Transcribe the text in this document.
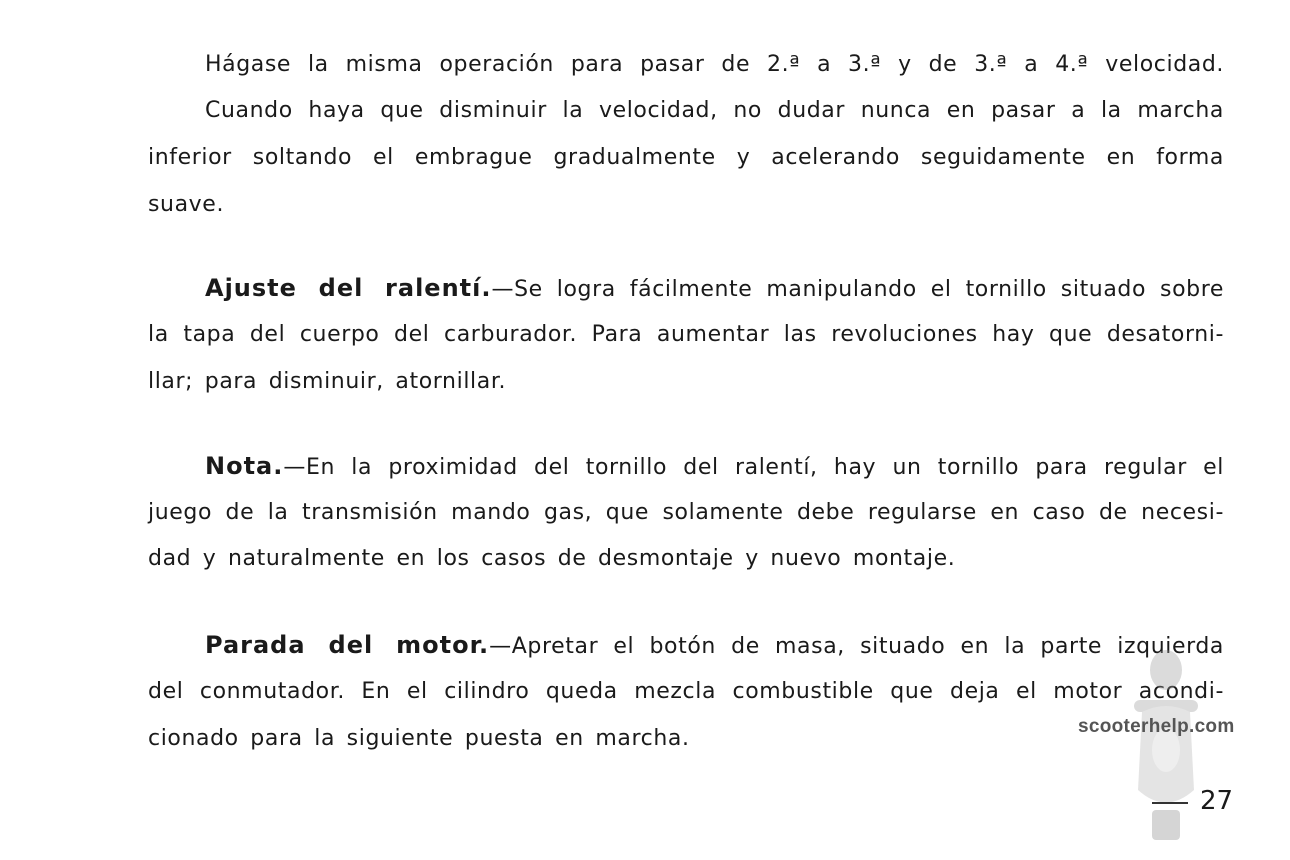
Hágase la misma operación para pasar de 2.ª a 3.ª y de 3.ª a 4.ª velocidad.
Cuando haya que disminuir la velocidad, no dudar nunca en pasar a la marcha
inferior soltando el embrague gradualmente y acelerando seguidamente en forma
suave.
Ajuste del ralentí.—Se logra fácilmente manipulando el tornillo situado sobre
la tapa del cuerpo del carburador. Para aumentar las revoluciones hay que desatorni-
llar; para disminuir, atornillar.
Nota.—En la proximidad del tornillo del ralentí, hay un tornillo para regular el
juego de la transmisión mando gas, que solamente debe regularse en caso de necesi-
dad y naturalmente en los casos de desmontaje y nuevo montaje.
Parada del motor.—Apretar el botón de masa, situado en la parte izquierda
del conmutador. En el cilindro queda mezcla combustible que deja el motor acondi-
cionado para la siguiente puesta en marcha.	scooterhelp.com
27
